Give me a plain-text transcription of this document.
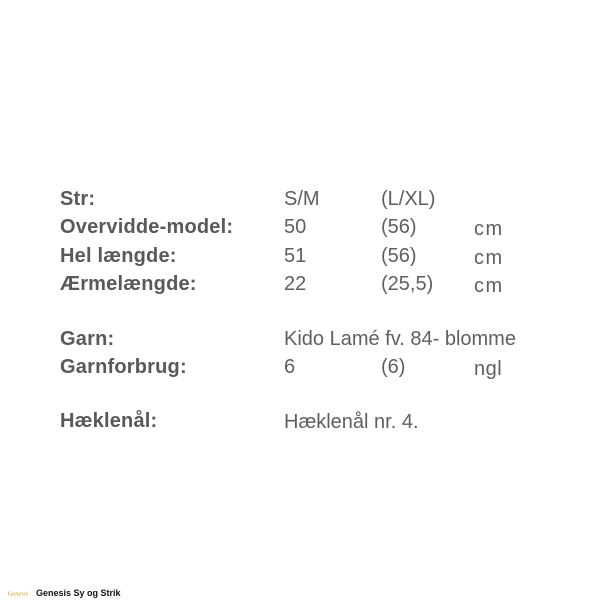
Str:	S/M	(L/XL)
Overvidde-model:	50	(56)	cm
Hel længde:	51	(56)	cm
Ærmelængde:	22	(25,5) cm
Garn:	Kido Lamé fv. 84- blomme
Garnforbrug:	6	(6)	ngl
Hæklenål:	Hæklenål nr. 4.
Genesis Genesis Sy og Strik
